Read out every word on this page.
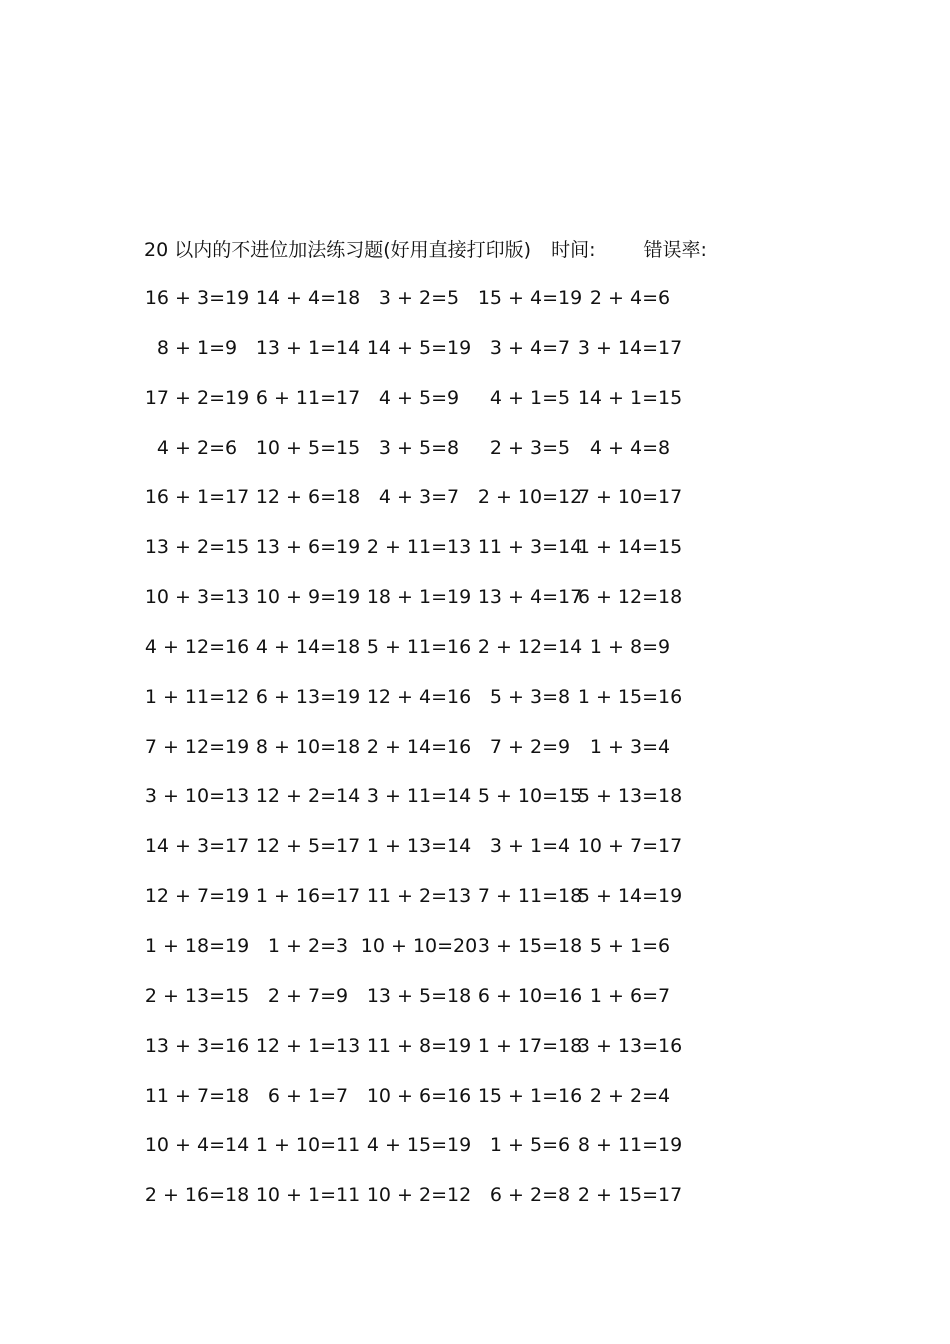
20 以内的不进位加法练习题(好用直接打印版) 时间:	错误率:
16 + 3=19 14 + 4=18 3 + 2=5 15 + 4=19 2 + 4=6
8 + 1=9 13 + 1=14 14 + 5=19 3 + 4=7 3 + 14=17
17 + 2=19 6 + 11=17 4 + 5=9 4 + 1=5 14 + 1=15
4 + 2=6 10 + 5=15 3 + 5=8 2 + 3=5 4 + 4=8
16 + 1=17 12 + 6=18 4 + 3=7 2 + 10=12
7 + 10=17
13 + 2=15 13 + 6=19 2 + 11=13 11 + 3=14
1 + 14=15
10 + 3=13 10 + 9=19 18 + 1=19 13 + 4=17
6 + 12=18
4 + 12=16 4 + 14=18 5 + 11=16 2 + 12=14 1 + 8=9
1 + 11=12 6 + 13=19 12 + 4=16 5 + 3=8 1 + 15=16
7 + 12=19 8 + 10=18 2 + 14=16 7 + 2=9 1 + 3=4
3 + 10=13 12 + 2=14 3 + 11=14 5 + 10=15
5 + 13=18
14 + 3=17 12 + 5=17 1 + 13=14 3 + 1=4 10 + 7=17
12 + 7=19 1 + 16=17 11 + 2=13 7 + 11=18
5 + 14=19
1 + 18=19 1 + 2=3 10 + 10=20 3 + 15=18 5 + 1=6
2 + 13=15 2 + 7=9 13 + 5=18 6 + 10=16 1 + 6=7
13 + 3=16 12 + 1=13 11 + 8=19 1 + 17=18
3 + 13=16
11 + 7=18 6 + 1=7 10 + 6=16 15 + 1=16 2 + 2=4
10 + 4=14 1 + 10=11 4 + 15=19 1 + 5=6 8 + 11=19
2 + 16=18 10 + 1=11 10 + 2=12 6 + 2=8 2 + 15=17
